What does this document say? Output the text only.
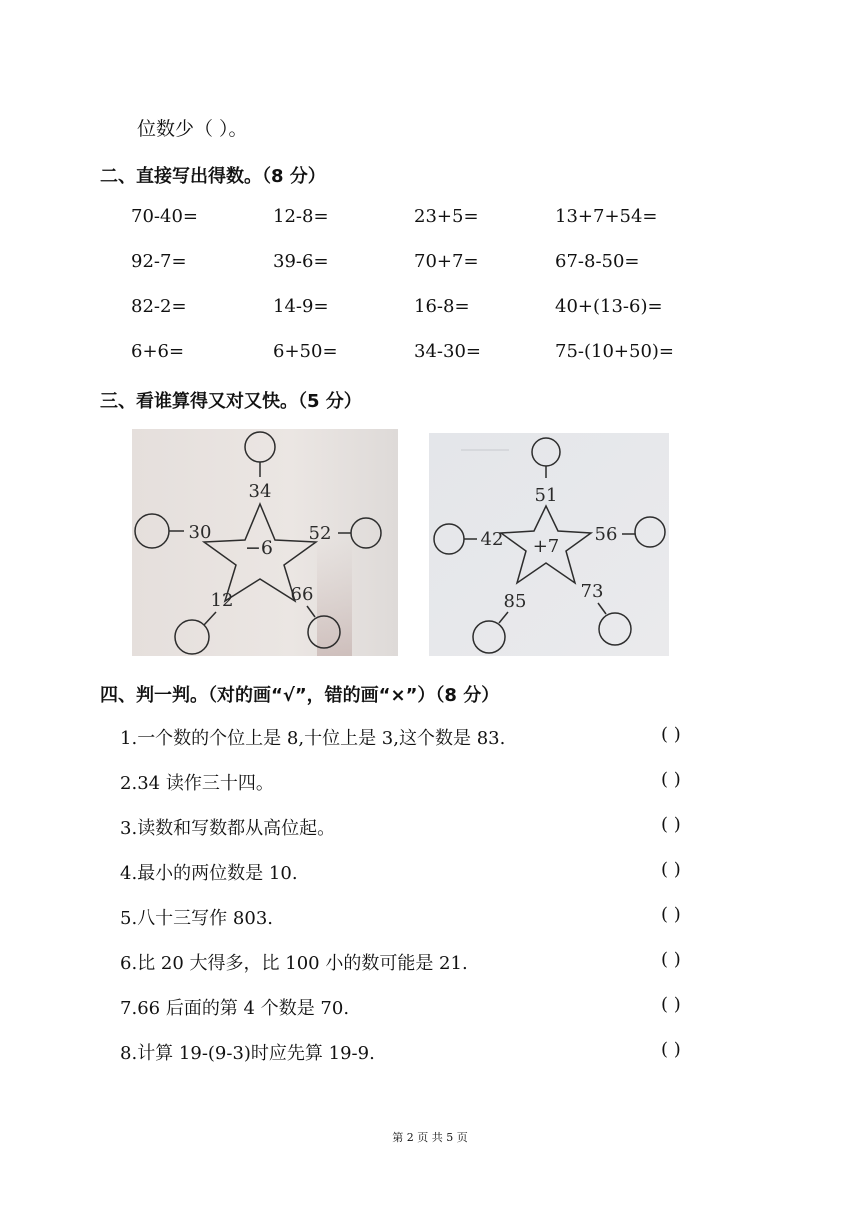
位数少（ ）。
二、直接写出得数。（8 分）
70-40=	12-8=	23+5=	13+7+54=
92-7=	39-6=	70+7=	67-8-50=
82-2=	14-9=	16-8=	40+(13-6)=
6+6=	6+50=	34-30=	75-(10+50)=
三、看谁算得又对又快。（5 分）
−6
34
30	52
12	66
+7
51
42	56
85	73
四、判一判。（对的画“√”，错的画“×”）（8 分）
1.一个数的个位上是 8,十位上是 3,这个数是 83.	( )
2.34 读作三十四。	( )
3.读数和写数都从高位起。	( )
4.最小的两位数是 10.	( )
5.八十三写作 803.	( )
6.比 20 大得多，比 100 小的数可能是 21.	( )
7.66 后面的第 4 个数是 70.	( )
8.计算 19-(9-3)时应先算 19-9.	( )
第 2 页 共 5 页
